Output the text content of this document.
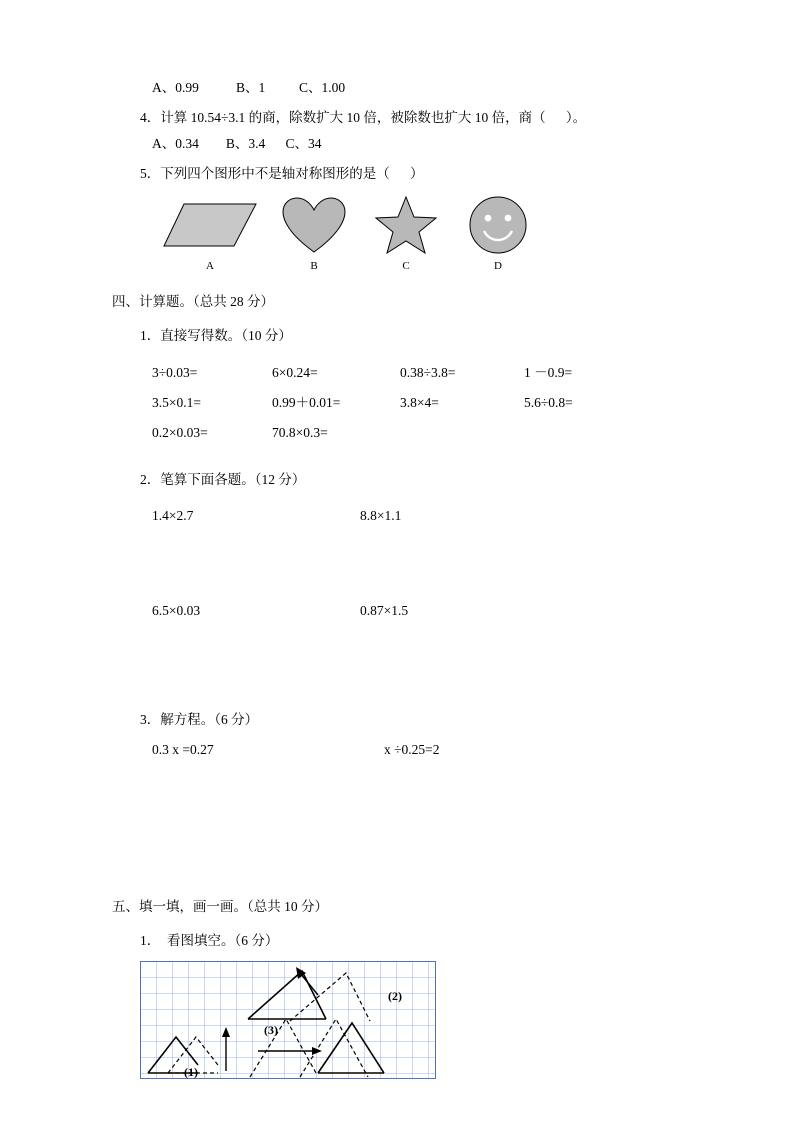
A、0.99           B、1          C、1.00
4．计算 10.54÷3.1 的商，除数扩大 10 倍，被除数也扩大 10 倍，商（      ）。
A、0.34        B、3.4      C、34
5．下列四个图形中不是轴对称图形的是（      ）
A	B	C	D
四、计算题。（总共 28 分）
1．直接写得数。（10 分）
3÷0.03=	6×0.24=	0.38÷3.8=	1 －0.9=
3.5×0.1=	0.99＋0.01=	3.8×4=	5.6÷0.8=
0.2×0.03=	70.8×0.3=
2．笔算下面各题。（12 分）
1.4×2.7	8.8×1.1
6.5×0.03	0.87×1.5
3．解方程。（6 分）
0.3 x =0.27	x ÷0.25=2
五、填一填，画一画。（总共 10 分）
1．  看图填空。（6 分）
(1)
(2)
(3)
